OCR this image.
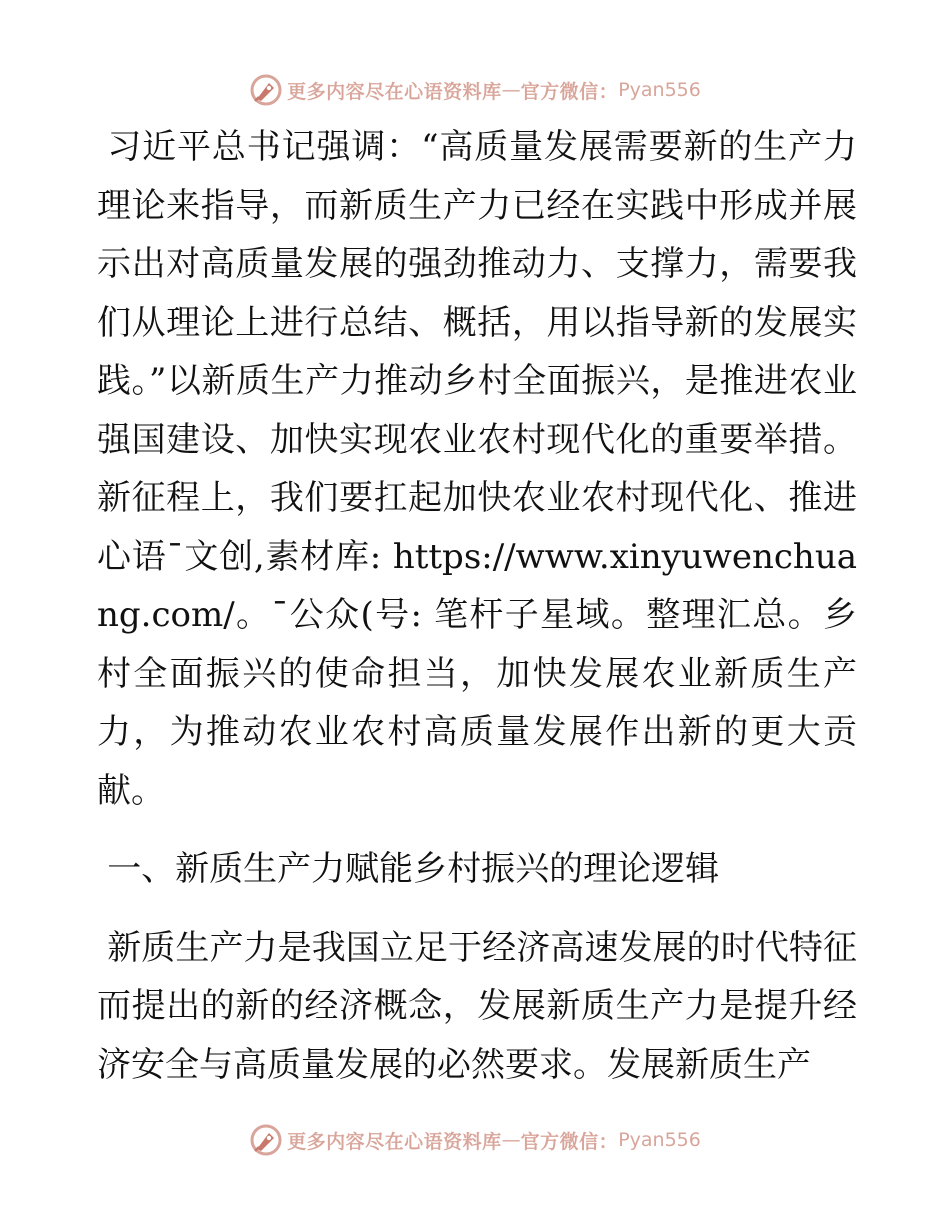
更多内容尽在心语资料库 — 官方微信： Pyan556

习近平总书记强调：“高质量发展需要新的生产力理论来指导，而新质生产力已经在实践中形成并展示出对高质量发展的强劲推动力、支撑力，需要我们从理论上进行总结、概括，用以指导新的发展实践。”以新质生产力推动乡村全面振兴，是推进农业强国建设、加快实现农业农村现代化的重要举措。新征程上，我们要扛起加快农业农村现代化、推进心语¯文创,素材库: https://www.xinyuwenchuang.com/。¯公众(号: 笔杆子星域。整理汇总。乡村全面振兴的使命担当，加快发展农业新质生产力，为推动农业农村高质量发展作出新的更大贡献。

一、新质生产力赋能乡村振兴的理论逻辑

新质生产力是我国立足于经济高速发展的时代特征而提出的新的经济概念，发展新质生产力是提升经济安全与高质量发展的必然要求。发展新质生产

更多内容尽在心语资料库 — 官方微信： Pyan556
